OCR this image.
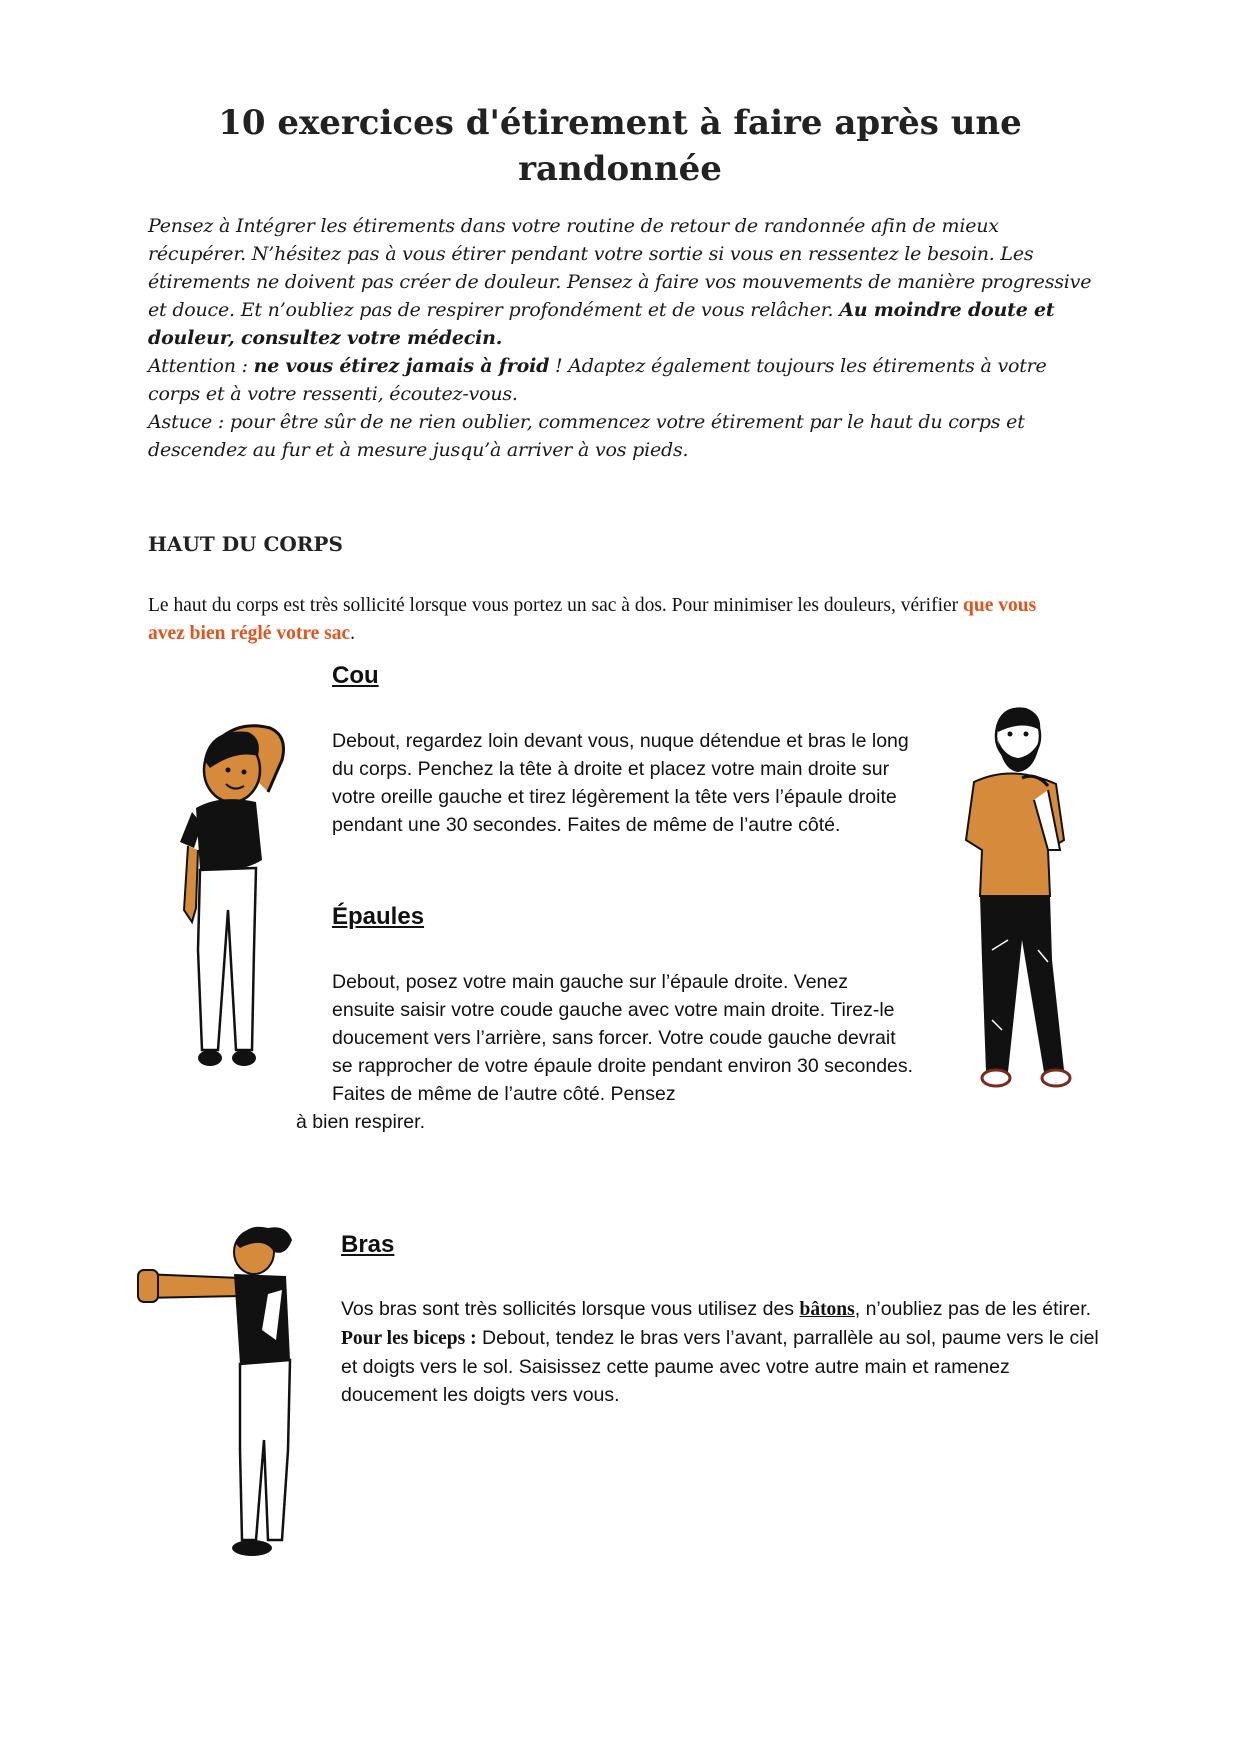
10 exercices d'étirement à faire après une randonnée

Pensez à Intégrer les étirements dans votre routine de retour de randonnée afin de mieux récupérer. N’hésitez pas à vous étirer pendant votre sortie si vous en ressentez le besoin. Les étirements ne doivent pas créer de douleur. Pensez à faire vos mouvements de manière progressive et douce. Et n’oubliez pas de respirer profondément et de vous relâcher. Au moindre doute et douleur, consultez votre médecin.

Attention : ne vous étirez jamais à froid ! Adaptez également toujours les étirements à votre corps et à votre ressenti, écoutez-vous.

Astuce : pour être sûr de ne rien oublier, commencez votre étirement par le haut du corps et descendez au fur et à mesure jusqu’à arriver à vos pieds.

HAUT DU CORPS

Le haut du corps est très sollicité lorsque vous portez un sac à dos. Pour minimiser les douleurs, vérifier que vous avez bien réglé votre sac.

Cou

Debout, regardez loin devant vous, nuque détendue et bras le long du corps. Penchez la tête à droite et placez votre main droite sur votre oreille gauche et tirez légèrement la tête vers l’épaule droite pendant une 30 secondes. Faites de même de l’autre côté.

Épaules

Debout, posez votre main gauche sur l’épaule droite. Venez ensuite saisir votre coude gauche avec votre main droite. Tirez-le doucement vers l’arrière, sans forcer. Votre coude gauche devrait se rapprocher de votre épaule droite pendant environ 30 secondes. Faites de même de l’autre côté. Pensez

à bien respirer.

Bras

Vos bras sont très sollicités lorsque vous utilisez des bâtons, n’oubliez pas de les étirer.

Pour les biceps : Debout, tendez le bras vers l’avant, parrallèle au sol, paume vers le ciel et doigts vers le sol. Saisissez cette paume avec votre autre main et ramenez doucement les doigts vers vous.
